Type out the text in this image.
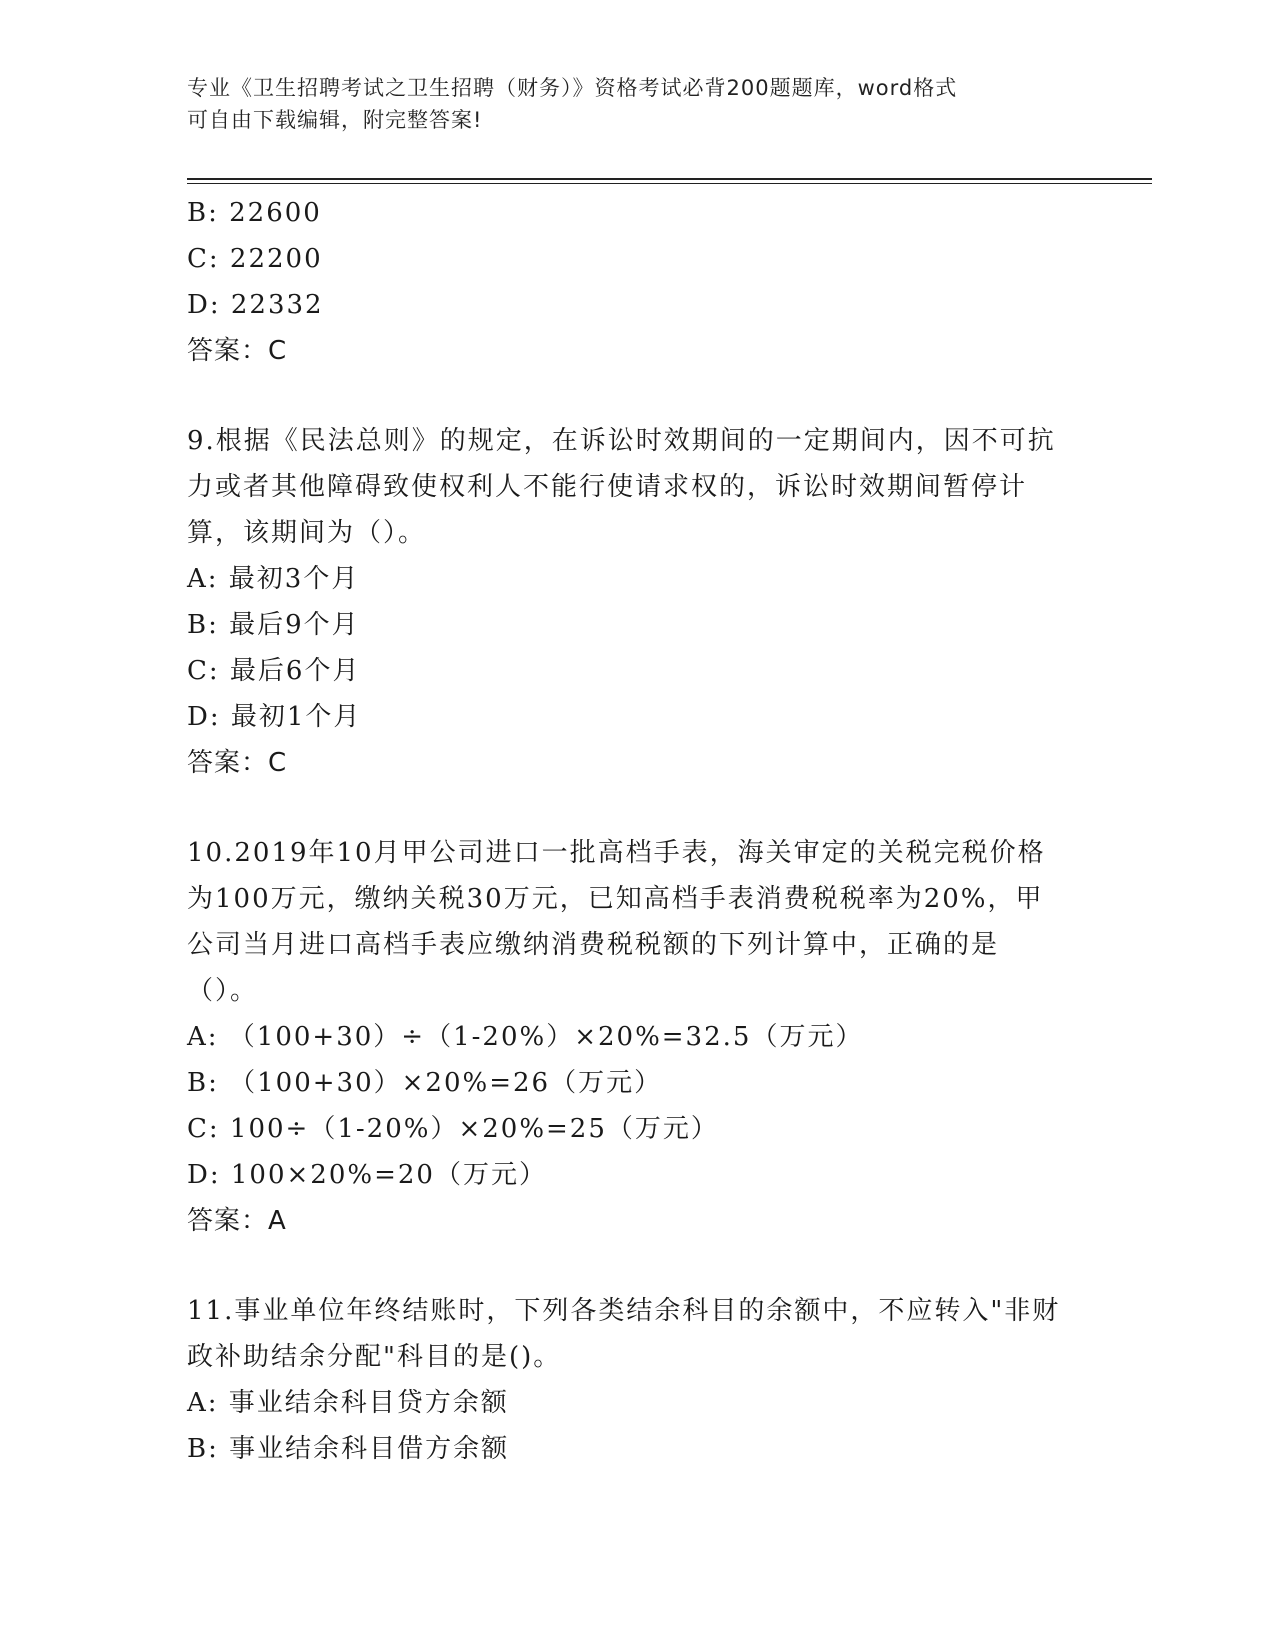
专业《卫生招聘考试之卫生招聘（财务）》资格考试必背200题题库，word格式
可自由下载编辑，附完整答案!
B: 22600
C: 22200
D: 22332
答案：C
9.根据《民法总则》的规定，在诉讼时效期间的一定期间内，因不可抗力或者其他障碍致使权利人不能行使请求权的，诉讼时效期间暂停计算，该期间为（）。
A: 最初3个月
B: 最后9个月
C: 最后6个月
D: 最初1个月
答案：C
10.2019年10月甲公司进口一批高档手表，海关审定的关税完税价格为100万元，缴纳关税30万元，已知高档手表消费税税率为20%，甲公司当月进口高档手表应缴纳消费税税额的下列计算中，正确的是（）。
A: （100+30）÷（1-20%）×20%=32.5（万元）
B: （100+30）×20%=26（万元）
C: 100÷（1-20%）×20%=25（万元）
D: 100×20%=20（万元）
答案：A
11.事业单位年终结账时，下列各类结余科目的余额中，不应转入"非财政补助结余分配"科目的是()。
A: 事业结余科目贷方余额
B: 事业结余科目借方余额
